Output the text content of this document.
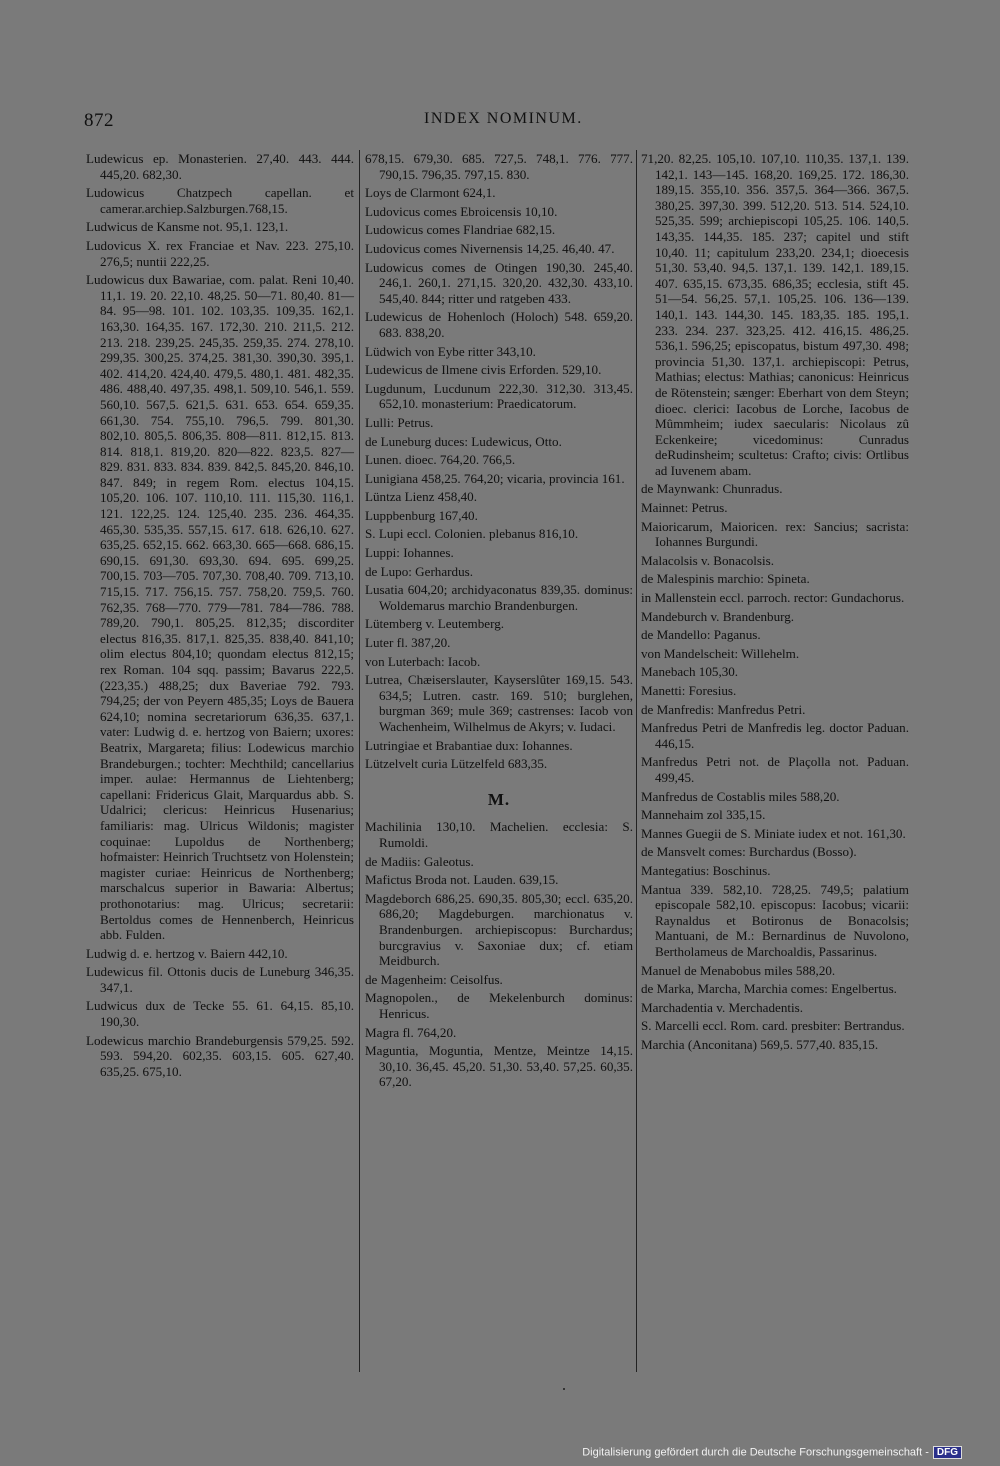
872	INDEX NOMINUM.

Ludewicus ep. Monasterien. 27,40. 443. 444. 445,20. 682,30.

Ludowicus Chatzpech capellan. et camerar.archiep.Salzburgen.768,15.

Ludwicus de Kansme not. 95,1. 123,1.

Ludovicus X. rex Franciae et Nav. 223. 275,10. 276,5; nuntii 222,25.

Ludowicus dux Bawariae, com. palat. Reni 10,40. 11,1. 19. 20. 22,10. 48,25. 50—71. 80,40. 81—84. 95—98. 101. 102. 103,35. 109,35. 162,1. 163,30. 164,35. 167. 172,30. 210. 211,5. 212. 213. 218. 239,25. 245,35. 259,35. 274. 278,10. 299,35. 300,25. 374,25. 381,30. 390,30. 395,1. 402. 414,20. 424,40. 479,5. 480,1. 481. 482,35. 486. 488,40. 497,35. 498,1. 509,10. 546,1. 559. 560,10. 567,5. 621,5. 631. 653. 654. 659,35. 661,30. 754. 755,10. 796,5. 799. 801,30. 802,10. 805,5. 806,35. 808—811. 812,15. 813. 814. 818,1. 819,20. 820—822. 823,5. 827—829. 831. 833. 834. 839. 842,5. 845,20. 846,10. 847. 849; in regem Rom. electus 104,15. 105,20. 106. 107. 110,10. 111. 115,30. 116,1. 121. 122,25. 124. 125,40. 235. 236. 464,35. 465,30. 535,35. 557,15. 617. 618. 626,10. 627. 635,25. 652,15. 662. 663,30. 665—668. 686,15. 690,15. 691,30. 693,30. 694. 695. 699,25. 700,15. 703—705. 707,30. 708,40. 709. 713,10. 715,15. 717. 756,15. 757. 758,20. 759,5. 760. 762,35. 768—770. 779—781. 784—786. 788. 789,20. 790,1. 805,25. 812,35; discorditer electus 816,35. 817,1. 825,35. 838,40. 841,10; olim electus 804,10; quondam electus 812,15; rex Roman. 104 sqq. passim; Bavarus 222,5. (223,35.) 488,25; dux Baveriae 792. 793. 794,25; der von Peyern 485,35; Loys de Bauera 624,10; nomina secretariorum 636,35. 637,1. vater: Ludwig d. e. hertzog von Baiern; uxores: Beatrix, Margareta; filius: Lodewicus marchio Brandeburgen.; tochter: Mechthild; cancellarius imper. aulae: Hermannus de Liehtenberg; capellani: Fridericus Glait, Marquardus abb. S. Udalrici; clericus: Heinricus Husenarius; familiaris: mag. Ulricus Wildonis; magister coquinae: Lupoldus de Northenberg; hofmaister: Heinrich Truchtsetz von Holenstein; magister curiae: Heinricus de Northenberg; marschalcus superior in Bawaria: Albertus; prothonotarius: mag. Ulricus; secretarii: Bertoldus comes de Hennenberch, Heinricus abb. Fulden.

Ludwig d. e. hertzog v. Baiern 442,10.

Ludewicus fil. Ottonis ducis de Luneburg 346,35. 347,1.

Ludwicus dux de Tecke 55. 61. 64,15. 85,10. 190,30.

Lodewicus marchio Brandeburgensis 579,25. 592. 593. 594,20. 602,35. 603,15. 605. 627,40. 635,25. 675,10.

678,15. 679,30. 685. 727,5. 748,1. 776. 777. 790,15. 796,35. 797,15. 830.

Loys de Clarmont 624,1.

Ludovicus comes Ebroicensis 10,10.

Ludowicus comes Flandriae 682,15.

Ludovicus comes Nivernensis 14,25. 46,40. 47.

Ludowicus comes de Otingen 190,30. 245,40. 246,1. 260,1. 271,15. 320,20. 432,30. 433,10. 545,40. 844; ritter und ratgeben 433.

Ludewicus de Hohenloch (Holoch) 548. 659,20. 683. 838,20.

Lüdwich von Eybe ritter 343,10.

Ludewicus de Ilmene civis Erforden. 529,10.

Lugdunum, Lucdunum 222,30. 312,30. 313,45. 652,10. monasterium: Praedicatorum.

Lulli: Petrus.

de Luneburg duces: Ludewicus, Otto.

Lunen. dioec. 764,20. 766,5.

Lunigiana 458,25. 764,20; vicaria, provincia 161.

Lüntza Lienz 458,40.

Luppbenburg 167,40.

S. Lupi eccl. Colonien. plebanus 816,10.

Luppi: Iohannes.

de Lupo: Gerhardus.

Lusatia 604,20; archidyaconatus 839,35. dominus: Woldemarus marchio Brandenburgen.

Lütemberg v. Leutemberg.

Luter fl. 387,20.

von Luterbach: Iacob.

Lutrea, Chæiserslauter, Kayserslûter 169,15. 543. 634,5; Lutren. castr. 169. 510; burglehen, burgman 369; mule 369; castrenses: Iacob von Wachenheim, Wilhelmus de Akyrs; v. Iudaci.

Lutringiae et Brabantiae dux: Iohannes.

Lützelvelt curia Lützelfeld 683,35.

M.

Machilinia 130,10. Machelien. ecclesia: S. Rumoldi.

de Madiis: Galeotus.

Mafictus Broda not. Lauden. 639,15.

Magdeborch 686,25. 690,35. 805,30; eccl. 635,20. 686,20; Magdeburgen. marchionatus v. Brandenburgen. archiepiscopus: Burchardus; burcgravius v. Saxoniae dux; cf. etiam Meidburch.

de Magenheim: Ceisolfus.

Magnopolen., de Mekelenburch dominus: Henricus.

Magra fl. 764,20.

Maguntia, Moguntia, Mentze, Meintze 14,15. 30,10. 36,45. 45,20. 51,30. 53,40. 57,25. 60,35. 67,20.

71,20. 82,25. 105,10. 107,10. 110,35. 137,1. 139. 142,1. 143—145. 168,20. 169,25. 172. 186,30. 189,15. 355,10. 356. 357,5. 364—366. 367,5. 380,25. 397,30. 399. 512,20. 513. 514. 524,10. 525,35. 599; archiepiscopi 105,25. 106. 140,5. 143,35. 144,35. 185. 237; capitel und stift 10,40. 11; capitulum 233,20. 234,1; dioecesis 51,30. 53,40. 94,5. 137,1. 139. 142,1. 189,15. 407. 635,15. 673,35. 686,35; ecclesia, stift 45. 51—54. 56,25. 57,1. 105,25. 106. 136—139. 140,1. 143. 144,30. 145. 183,35. 185. 195,1. 233. 234. 237. 323,25. 412. 416,15. 486,25. 536,1. 596,25; episcopatus, bistum 497,30. 498; provincia 51,30. 137,1. archiepiscopi: Petrus, Mathias; electus: Mathias; canonicus: Heinricus de Rötenstein; sænger: Eberhart von dem Steyn; dioec. clerici: Iacobus de Lorche, Iacobus de Mûmmheim; iudex saecularis: Nicolaus zû Eckenkeire; vicedominus: Cunradus deRudinsheim; scultetus: Crafto; civis: Ortlibus ad Iuvenem abam.

de Maynwank: Chunradus.

Mainnet: Petrus.

Maioricarum, Maioricen. rex: Sancius; sacrista: Iohannes Burgundi.

Malacolsis v. Bonacolsis.

de Malespinis marchio: Spineta.

in Mallenstein eccl. parroch. rector: Gundachorus.

Mandeburch v. Brandenburg.

de Mandello: Paganus.

von Mandelscheit: Willehelm.

Manebach 105,30.

Manetti: Foresius.

de Manfredis: Manfredus Petri.

Manfredus Petri de Manfredis leg. doctor Paduan. 446,15.

Manfredus Petri not. de Plaçolla not. Paduan. 499,45.

Manfredus de Costablis miles 588,20.

Mannehaim zol 335,15.

Mannes Guegii de S. Miniate iudex et not. 161,30.

de Mansvelt comes: Burchardus (Bosso).

Mantegatius: Boschinus.

Mantua 339. 582,10. 728,25. 749,5; palatium episcopale 582,10. episcopus: Iacobus; vicarii: Raynaldus et Botironus de Bonacolsis; Mantuani, de M.: Bernardinus de Nuvolono, Bertholameus de Marchoaldis, Passarinus.

Manuel de Menabobus miles 588,20.

de Marka, Marcha, Marchia comes: Engelbertus.

Marchadentia v. Merchadentis.

S. Marcelli eccl. Rom. card. presbiter: Bertrandus.

Marchia (Anconitana) 569,5. 577,40. 835,15.

Digitalisierung gefördert durch die Deutsche Forschungsgemeinschaft - DFG
